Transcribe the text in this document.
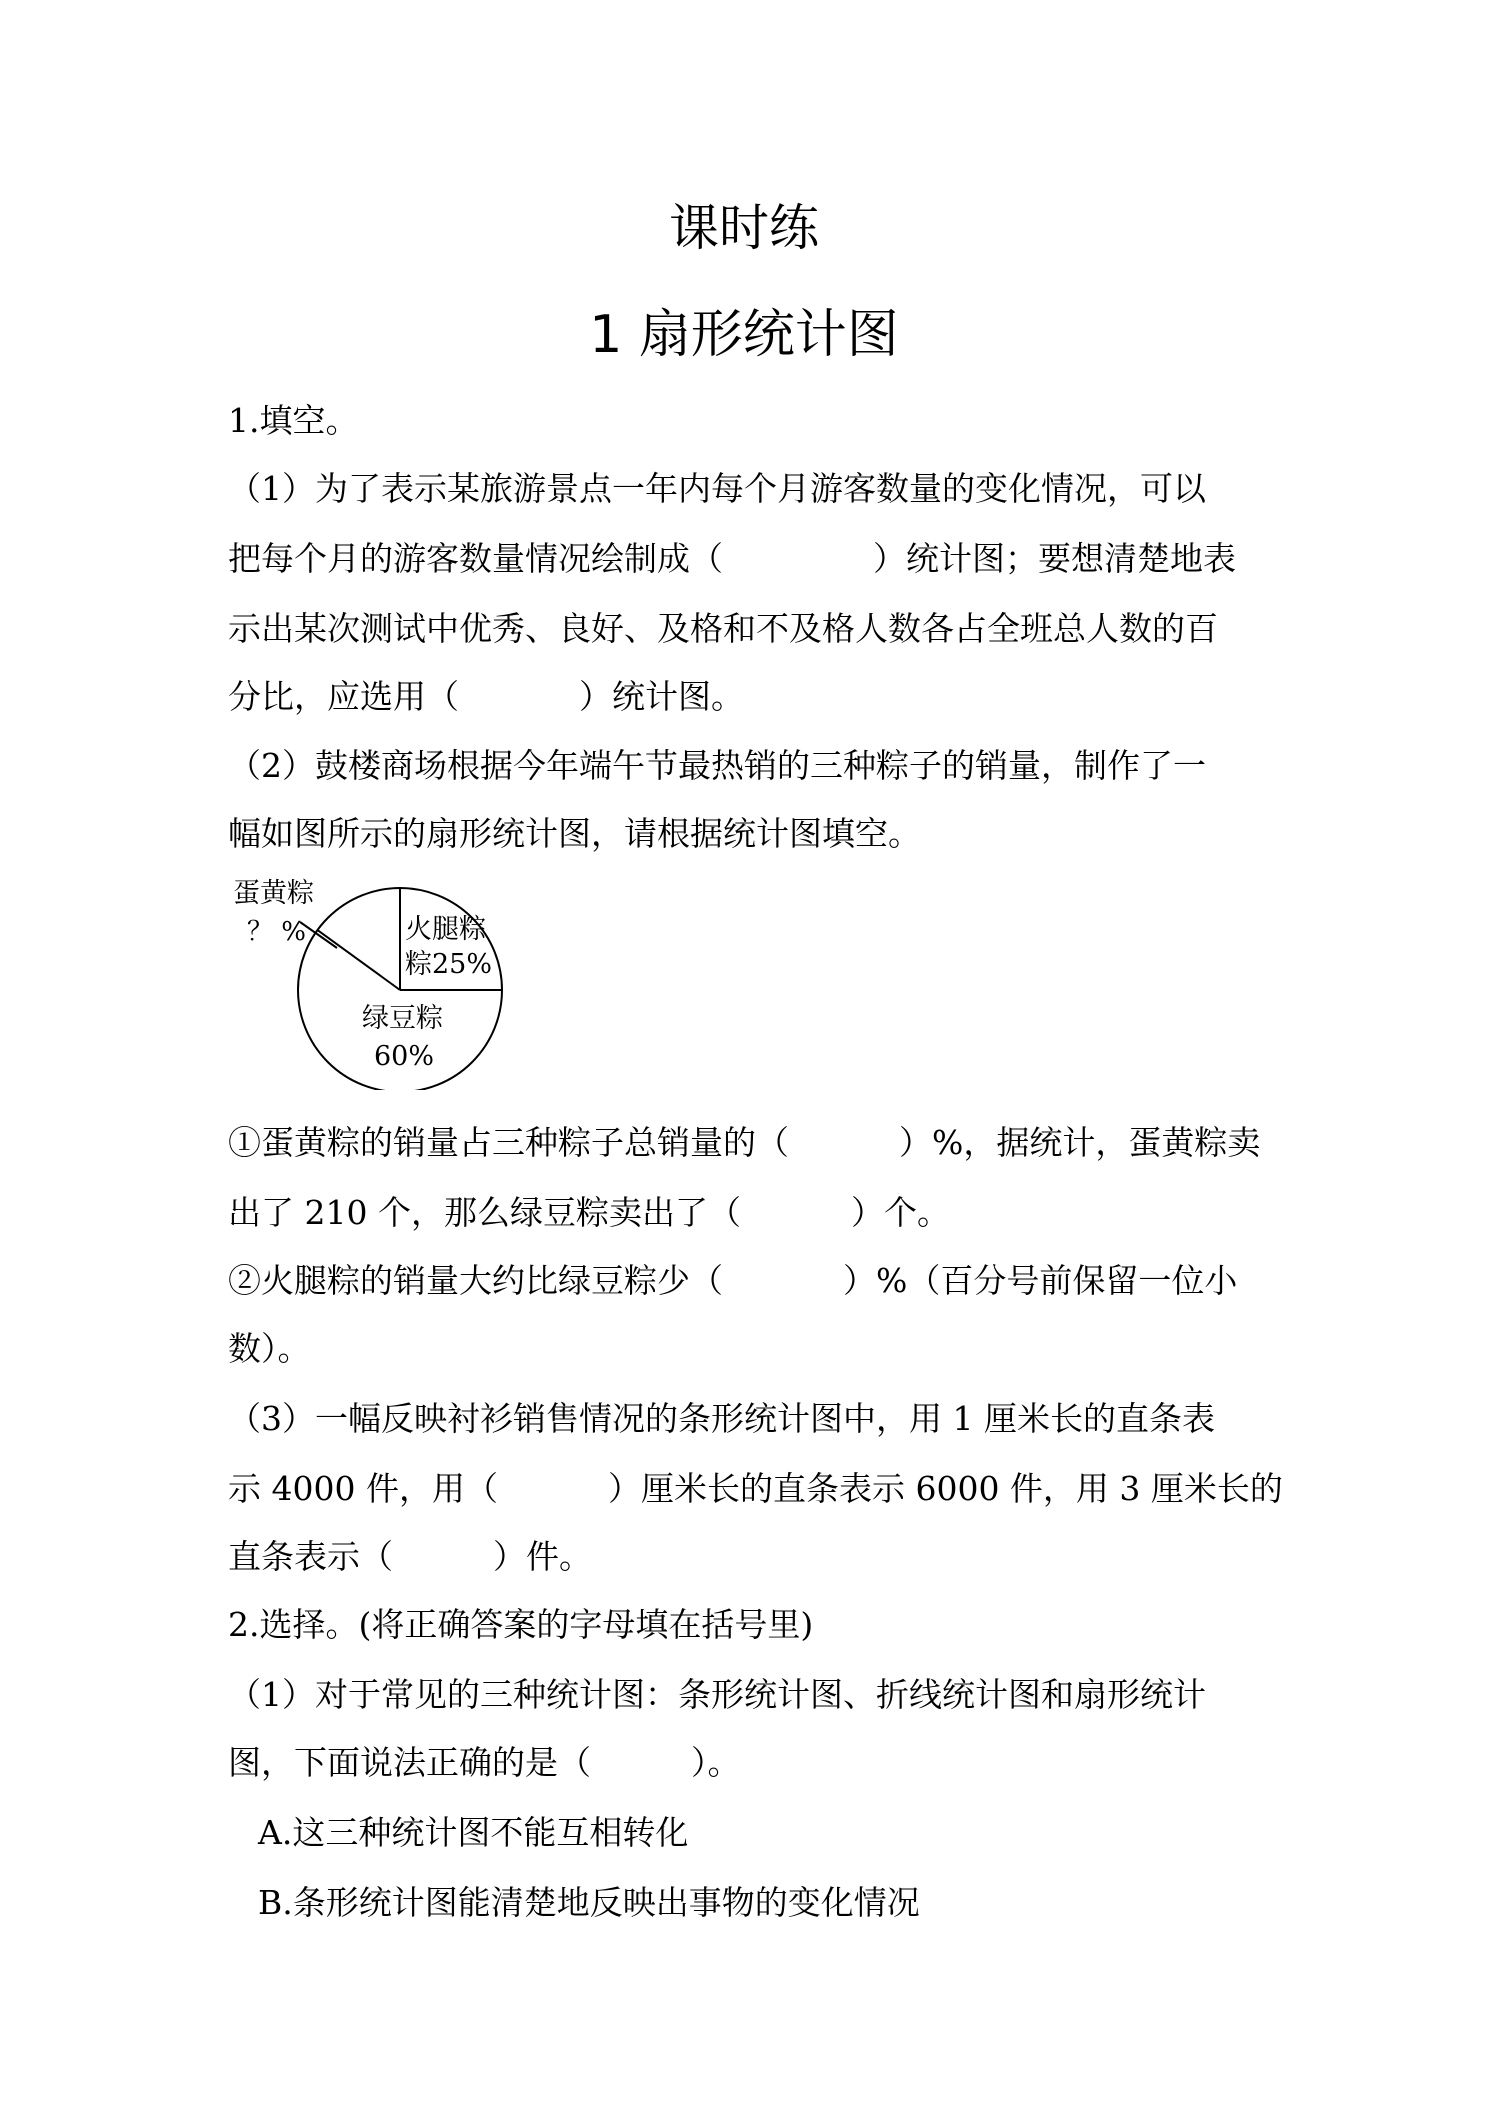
课时练
1 扇形统计图
1.填空。
（1）为了表示某旅游景点一年内每个月游客数量的变化情况，可以
把每个月的游客数量情况绘制成（	）统计图；要想清楚地表
示出某次测试中优秀、良好、及格和不及格人数各占全班总人数的百
分比，应选用（	）统计图。
（2）鼓楼商场根据今年端午节最热销的三种粽子的销量，制作了一
幅如图所示的扇形统计图，请根据统计图填空。
蛋黄粽
？ %	火腿粽
粽25%
绿豆粽
60%
①蛋黄粽的销量占三种粽子总销量的（	）%，据统计，蛋黄粽卖
出了 210 个，那么绿豆粽卖出了（	）个。
②火腿粽的销量大约比绿豆粽少（	）%（百分号前保留一位小
数）。
（3）一幅反映衬衫销售情况的条形统计图中，用 1 厘米长的直条表
示 4000 件，用（	）厘米长的直条表示 6000 件，用 3 厘米长的
直条表示（	）件。
2.选择。(将正确答案的字母填在括号里)
（1）对于常见的三种统计图：条形统计图、折线统计图和扇形统计
图，下面说法正确的是（	）。
A.这三种统计图不能互相转化
B.条形统计图能清楚地反映出事物的变化情况
